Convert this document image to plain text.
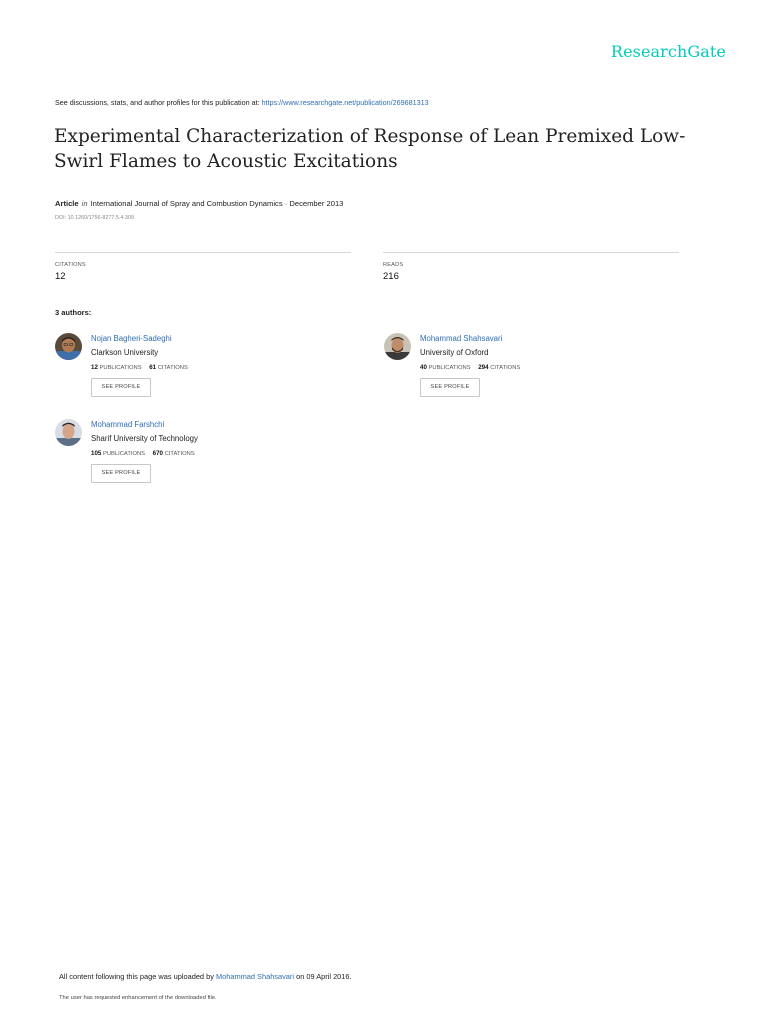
ResearchGate
See discussions, stats, and author profiles for this publication at: https://www.researchgate.net/publication/269681313
Experimental Characterization of Response of Lean Premixed Low-Swirl Flames to Acoustic Excitations
Article in International Journal of Spray and Combustion Dynamics · December 2013
DOI: 10.1260/1756-8277.5.4.309
CITATIONS
12
READS
216
3 authors:
Nojan Bagheri-Sadeghi
Clarkson University
12 PUBLICATIONS 61 CITATIONS
SEE PROFILE
Mohammad Shahsavari
University of Oxford
40 PUBLICATIONS 294 CITATIONS
SEE PROFILE
Mohammad Farshchi
Sharif University of Technology
105 PUBLICATIONS 670 CITATIONS
SEE PROFILE
All content following this page was uploaded by Mohammad Shahsavari on 09 April 2016.
The user has requested enhancement of the downloaded file.
